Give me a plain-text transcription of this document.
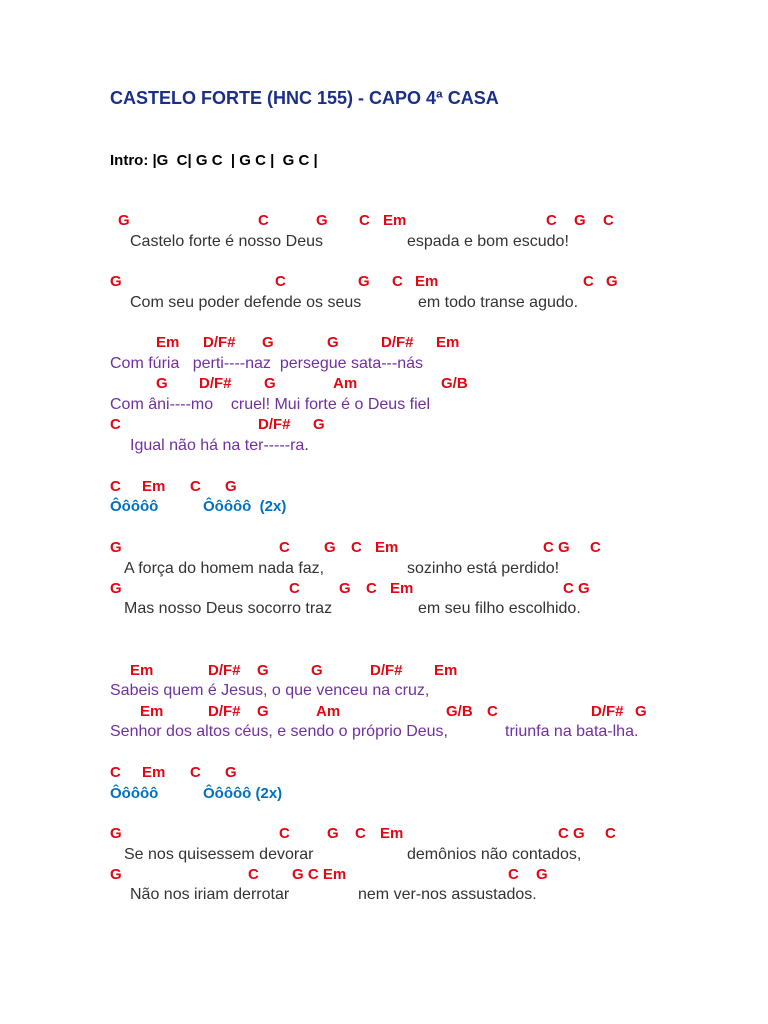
CASTELO FORTE (HNC 155) - CAPO 4ª CASA
Intro: |G  C| G C  | G C |  G C |
G	C	G C Em	C G C
Castelo forte é nosso Deus	espada e bom escudo!
G	C	G C Em	C G
Com seu poder defende os seus	em todo transe agudo.
Em D/F# G	G	D/F# Em
Com fúria   perti----naz  persegue sata---nás
G D/F# G	Am	G/B
Com âni----mo    cruel! Mui forte é o Deus fiel
C	D/F# G
Igual não há na ter-----ra.
C Em C G
Ôôôôô	Ôôôôô  (2x)
G	C G C Em	C G C
A força do homem nada faz,	sozinho está perdido!
G	C	G C Em	C G
Mas nosso Deus socorro traz	em seu filho escolhido.
Em	D/F# G	G	D/F# Em
Sabeis quem é Jesus, o que venceu na cruz,
Em	D/F# G	Am	G/B C	D/F# G
Senhor dos altos céus, e sendo o próprio Deus,	triunfa na bata-lha.
C Em C G
Ôôôôô	Ôôôôô (2x)
G	C G C Em	C G C
Se nos quisessem devorar	demônios não contados,
G	C G C Em	C G
Não nos iriam derrotar	nem ver-nos assustados.
